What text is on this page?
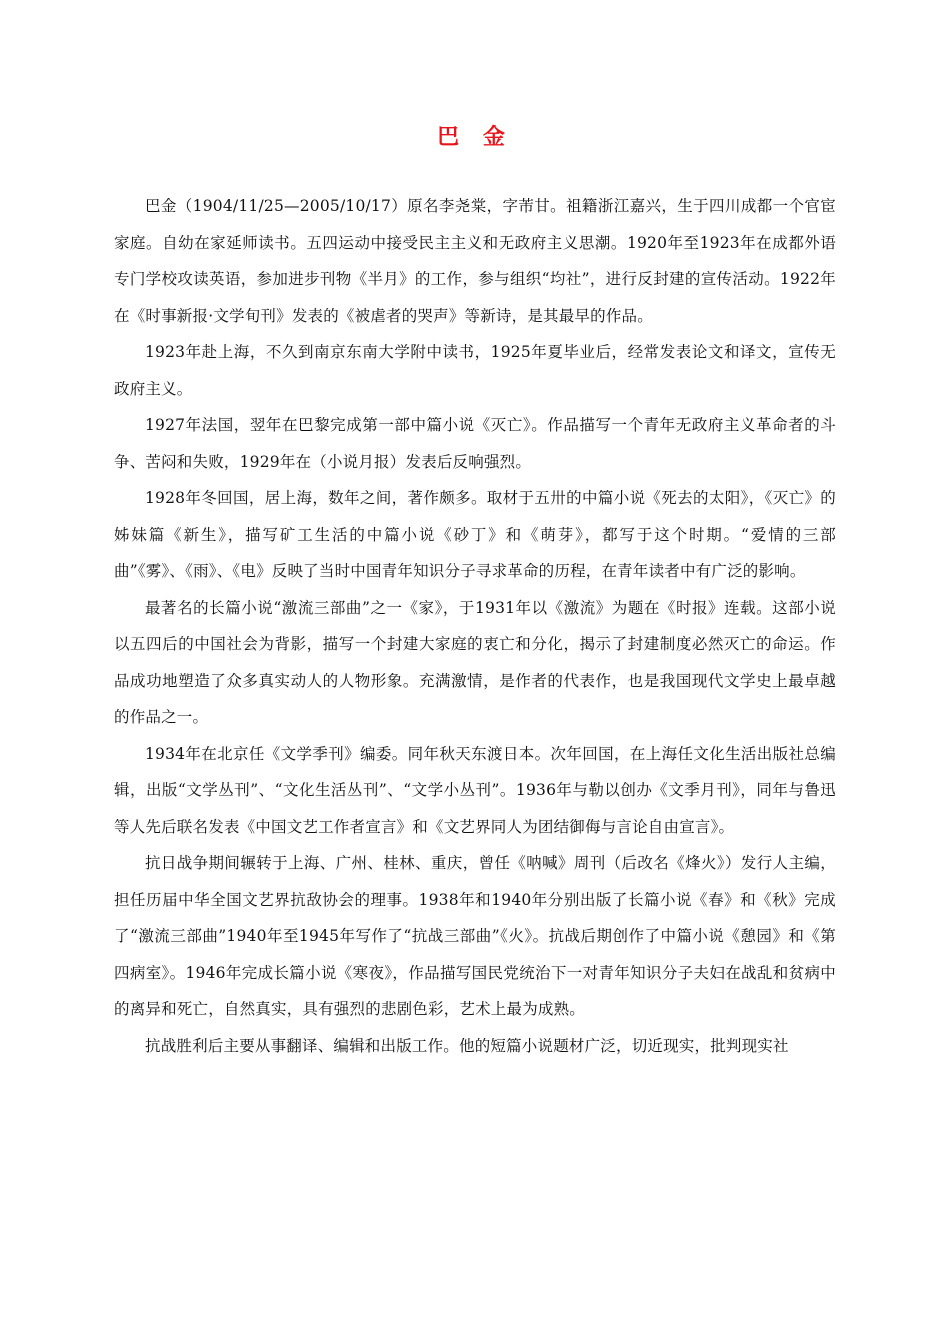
巴 金

巴金（1904/11/25—2005/10/17）原名李尧棠，字芾甘。祖籍浙江嘉兴，生于四川成都一个官宦家庭。自幼在家延师读书。五四运动中接受民主主义和无政府主义思潮。1920年至1923年在成都外语专门学校攻读英语，参加进步刊物《半月》的工作，参与组织“均社”，进行反封建的宣传活动。1922年在《时事新报·文学旬刊》发表的《被虐者的哭声》等新诗，是其最早的作品。

1923年赴上海，不久到南京东南大学附中读书，1925年夏毕业后，经常发表论文和译文，宣传无政府主义。

1927年法国，翌年在巴黎完成第一部中篇小说《灭亡》。作品描写一个青年无政府主义革命者的斗争、苦闷和失败，1929年在（小说月报）发表后反响强烈。

1928年冬回国，居上海，数年之间，著作颇多。取材于五卅的中篇小说《死去的太阳》，《灭亡》的姊妹篇《新生》，描写矿工生活的中篇小说《砂丁》和《萌芽》，都写于这个时期。“爱情的三部曲”《雾》、《雨》、《电》反映了当时中国青年知识分子寻求革命的历程，在青年读者中有广泛的影响。

最著名的长篇小说“激流三部曲”之一《家》，于1931年以《激流》为题在《时报》连载。这部小说以五四后的中国社会为背影，描写一个封建大家庭的衷亡和分化，揭示了封建制度必然灭亡的命运。作品成功地塑造了众多真实动人的人物形象。充满激情，是作者的代表作，也是我国现代文学史上最卓越的作品之一。

1934年在北京任《文学季刊》编委。同年秋天东渡日本。次年回国，在上海任文化生活出版社总编辑，出版“文学丛刊”、“文化生活丛刊”、“文学小丛刊”。1936年与勒以创办《文季月刊》，同年与鲁迅等人先后联名发表《中国文艺工作者宣言》和《文艺界同人为团结御侮与言论自由宣言》。

抗日战争期间辗转于上海、广州、桂林、重庆，曾任《呐喊》周刊（后改名《烽火》）发行人主编，担任历届中华全国文艺界抗敌协会的理事。1938年和1940年分别出版了长篇小说《春》和《秋》完成了“激流三部曲”1940年至1945年写作了“抗战三部曲”《火》。抗战后期创作了中篇小说《憩园》和《第四病室》。1946年完成长篇小说《寒夜》，作品描写国民党统治下一对青年知识分子夫妇在战乱和贫病中的离异和死亡，自然真实，具有强烈的悲剧色彩，艺术上最为成熟。

抗战胜利后主要从事翻译、编辑和出版工作。他的短篇小说题材广泛，切近现实，批判现实社
